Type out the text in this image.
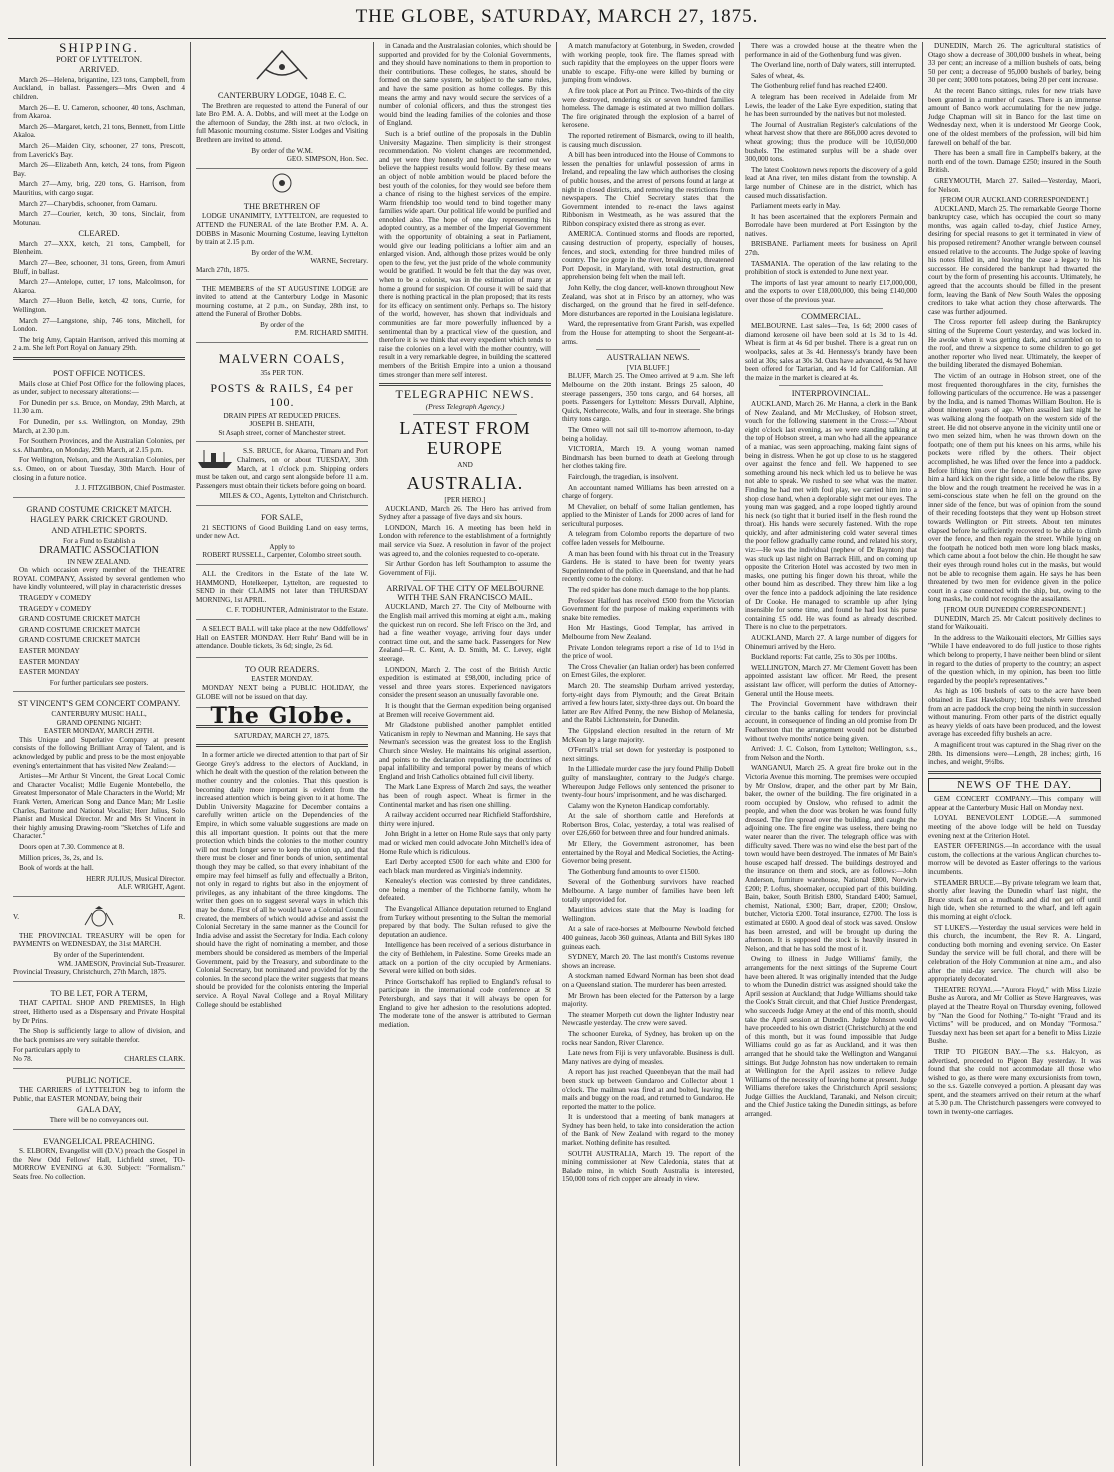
THE GLOBE, SATURDAY, MARCH 27, 1875.
SHIPPING.
PORT OF LYTTELTON.
ARRIVED.

March 26—Helena, brigantine, 123 tons, Campbell, from Auckland, in ballast. Passengers—Mrs Owen and 4 children.

March 26—E. U. Cameron, schooner, 40 tons, Aschman, from Akaroa.

March 26—Margaret, ketch, 21 tons, Bennett, from Little Akaloa.

March 26—Maiden City, schooner, 27 tons, Prescott, from Laverick's Bay.

March 26—Elizabeth Ann, ketch, 24 tons, from Pigeon Bay.

March 27—Amy, brig, 220 tons, G. Harrison, from Mauritius, with cargo sugar.

March 27—Charybdis, schooner, from Oamaru.

March 27—Courier, ketch, 30 tons, Sinclair, from Motunau.

CLEARED.

March 27—XXX, ketch, 21 tons, Campbell, for Blenheim.

March 27—Bee, schooner, 31 tons, Green, from Amuri Bluff, in ballast.

March 27—Antelope, cutter, 17 tons, Malcolmson, for Akaroa.

March 27—Huon Belle, ketch, 42 tons, Currie, for Wellington.

March 27—Langstone, ship, 746 tons, Mitchell, for London.

The brig Amy, Captain Harrison, arrived this morning at 2 a.m. She left Port Royal on January 29th.

POST OFFICE NOTICES.

Mails close at Chief Post Office for the following places, as under, subject to necessary alterations:—

For Dunedin per s.s. Bruce, on Monday, 29th March, at 11.30 a.m.

For Dunedin, per s.s. Wellington, on Monday, 29th March, at 2.30 p.m.

For Southern Provinces, and the Australian Colonies, per s.s. Alhambra, on Monday, 29th March, at 2.15 p.m.

For Wellington, Nelson, and the Australian Colonies, per s.s. Omeo, on or about Tuesday, 30th March. Hour of closing in a future notice.

J. J. FITZGIBBON, Chief Postmaster.
GRAND COSTUME CRICKET MATCH.
HAGLEY PARK CRICKET GROUND.
AND ATHLETIC SPORTS.
For a Fund to Establish a
DRAMATIC ASSOCIATION
IN NEW ZEALAND.

On which occasion every member of the THEATRE ROYAL COMPANY, Assisted by several gentlemen who have kindly volunteered, will play in characteristic dresses

TRAGEDY v COMEDY

TRAGEDY v COMEDY

GRAND COSTUME CRICKET MATCH

GRAND COSTUME CRICKET MATCH

GRAND COSTUME CRICKET MATCH

EASTER MONDAY

EASTER MONDAY

EASTER MONDAY

For further particulars see posters.
ST VINCENT'S GEM CONCERT COMPANY.
CANTERBURY MUSIC HALL,
GRAND OPENING NIGHT:
EASTER MONDAY, MARCH 29TH.

This Unique and Superlative Company at present consists of the following Brilliant Array of Talent, and is acknowledged by public and press to be the most enjoyable evening's entertainment that has visited New Zealand:—

Artistes—Mr Arthur St Vincent, the Great Local Comic and Character Vocalist; Mdlle Eugenie Montebello, the Greatest Impersonator of Male Characters in the World; Mr Frank Verten, American Song and Dance Man; Mr Leslie Charles, Baritone and National Vocalist; Herr Julius, Solo Pianist and Musical Director. Mr and Mrs St Vincent in their highly amusing Drawing-room "Sketches of Life and Character."

Doors open at 7.30. Commence at 8.

Million prices, 3s, 2s, and 1s.

Book of words at the hall.

HERR JULIUS, Musical Director.
ALF. WRIGHT, Agent.
V.	R.

THE PROVINCIAL TREASURY will be open for PAYMENTS on WEDNESDAY, the 31st MARCH.

By order of the Superintendent.
WM. JAMESON, Provincial Sub-Treasurer.
Provincial Treasury, Christchurch, 27th March, 1875.
TO BE LET, FOR A TERM,

THAT CAPITAL SHOP AND PREMISES, In High street, Hitherto used as a Dispensary and Private Hospital by Dr Prins.

The Shop is sufficiently large to allow of division, and the back premises are very suitable therefor.

For particulars apply to
No 78.	CHARLES CLARK.
PUBLIC NOTICE.

THE CARRIERS of LYTTELTON beg to inform the Public, that EASTER MONDAY, being their

GALA DAY,
There will be no conveyances out.
EVANGELICAL PREACHING.

S. ELBORN, Evangelist will (D.V.) preach the Gospel in the New Odd Fellows' Hall, Lichfield street, TO-MORROW EVENING at 6.30. Subject: "Formalism." Seats free. No collection.

CANTERBURY LODGE, 1048 E. C.

The Brethren are requested to attend the Funeral of our late Bro P.M. A. A. Dobbs, and will meet at the Lodge on the afternoon of Sunday, the 28th inst. at two o'clock, in full Masonic mourning costume. Sister Lodges and Visiting Brethren are invited to attend.

By order of the W.M.
GEO. SIMPSON, Hon. Sec.
THE BRETHREN OF

LODGE UNANIMITY, LYTTELTON, are requested to ATTEND the FUNERAL of the late Brother P.M. A. A. DOBBS in Masonic Mourning Costume, leaving Lyttelton by train at 2.15 p.m.

By order of the W.M.
WARNE, Secretary.
March 27th, 1875.

THE MEMBERS of the ST AUGUSTINE LODGE are invited to attend at the Canterbury Lodge in Masonic mourning costume, at 2 p.m., on Sunday, 28th inst, to attend the Funeral of Brother Dobbs.

By order of the
P.M. RICHARD SMITH.
MALVERN COALS,
35s PER TON.
POSTS & RAILS, £4 per 100.
DRAIN PIPES AT REDUCED PRICES.
JOSEPH B. SHEATH,
St Asaph street, corner of Manchester street.

S.S. BRUCE, for Akaroa, Timaru and Port Chalmers, on or about TUESDAY, 30th March, at 1 o'clock p.m. Shipping orders must be taken out, and cargo sent alongside before 11 a.m. Passengers must obtain their tickets before going on board.

MILES & CO., Agents, Lyttelton and Christchurch.
FOR SALE,

21 SECTIONS of Good Building Land on easy terms, under new Act.

Apply to
ROBERT RUSSELL, Carpenter, Colombo street south.

ALL the Creditors in the Estate of the late W. HAMMOND, Hotelkeeper, Lyttelton, are requested to SEND in their CLAIMS not later than THURSDAY MORNING, 1st APRIL.

C. F. TODHUNTER, Administrator to the Estate.

A SELECT BALL will take place at the new Oddfellows' Hall on EASTER MONDAY. Herr Ruhr' Band will be in attendance. Double tickets, 3s 6d; single, 2s 6d.

TO OUR READERS.
EASTER MONDAY.

MONDAY NEXT being a PUBLIC HOLIDAY, the GLOBE will not be issued on that day.

The Globe.
SATURDAY, MARCH 27, 1875.

In a former article we directed attention to that part of Sir George Grey's address to the electors of Auckland, in which he dealt with the question of the relation between the mother country and the colonies. That this question is becoming daily more important is evident from the increased attention which is being given to it at home. The Dublin University Magazine for December contains a carefully written article on the Dependencies of the Empire, in which some valuable suggestions are made on this all important question. It points out that the mere protection which binds the colonies to the mother country will not much longer serve to keep the union up, and that there must be closer and finer bonds of union, sentimental though they may be called, so that every inhabitant of the empire may feel himself as fully and effectually a Briton, not only in regard to rights but also in the enjoyment of privileges, as any inhabitant of the three kingdoms. The writer then goes on to suggest several ways in which this may be done. First of all he would have a Colonial Council created, the members of which would advise and assist the Colonial Secretary in the same manner as the Council for India advise and assist the Secretary for India. Each colony should have the right of nominating a member, and those members should be considered as members of the Imperial Government, paid by the Treasury, and subordinate to the Colonial Secretary, but nominated and provided for by the colonies. In the second place the writer suggests that means should be provided for the colonists entering the Imperial service. A Royal Naval College and a Royal Military College should be established

in Canada and the Australasian colonies, which should be supported and provided for by the Colonial Governments, and they should have nominations to them in proportion to their contributions. These colleges, he states, should be formed on the same system, be subject to the same rules, and have the same position as home colleges. By this means the army and navy would secure the services of a number of colonial officers, and thus the strongest ties would bind the leading families of the colonies and those of England.

Such is a brief outline of the proposals in the Dublin University Magazine. Then simplicity is their strongest recommendation. No violent changes are recommended, and yet were they honestly and heartily carried out we believe the happiest results would follow. By these means an object of noble ambition would be placed before the best youth of the colonies, for they would see before them a chance of rising to the highest services of the empire. Warm friendship too would tend to bind together many families wide apart. Our political life would be purified and ennobled also. The hope of one day representing his adopted country, as a member of the Imperial Government with the opportunity of obtaining a seat in Parliament, would give our leading politicians a loftier aim and an enlarged vision. And, although those prizes would be only open to the few, yet the just pride of the whole community would be gratified. It would be felt that the day was over, when to be a colonist, was in the estimation of many at home a ground for suspicion. Of course it will be said that there is nothing practical in the plan proposed; that its rests for its efficacy on sentiment only. Perhaps so. The history of the world, however, has shown that individuals and communities are far more powerfully influenced by a sentimental than by a practical view of the question, and therefore it is we think that every expedient which tends to raise the colonies on a level with the mother country, will result in a very remarkable degree, in building the scattered members of the British Empire into a union a thousand times stronger than mere self interest.

TELEGRAPHIC NEWS.
(Press Telegraph Agency.)
LATEST FROM EUROPE
AND
AUSTRALIA.
[PER HERO.]

AUCKLAND, March 26. The Hero has arrived from Sydney after a passage of five days and six hours.

LONDON, March 16. A meeting has been held in London with reference to the establishment of a fortnightly mail service via Suez. A resolution in favor of the project was agreed to, and the colonies requested to co-operate.

Sir Arthur Gordon has left Southampton to assume the Government of Fiji.

ARRIVAL OF THE CITY OF MELBOURNE WITH THE SAN FRANCISCO MAIL.

AUCKLAND, March 27. The City of Melbourne with the English mail arrived this morning at eight a.m., making the quickest run on record. She left Frisco on the 3rd, and had a fine weather voyage, arriving four days under contract time out, and the same back. Passengers for New Zealand—R. C. Kent, A. D. Smith, M. C. Levey, eight steerage.

LONDON, March 2. The cost of the British Arctic expedition is estimated at £98,000, including price of vessel and three years stores. Experienced navigators consider the present season an unusually favorable one.

It is thought that the German expedition being organised at Bremen will receive Government aid.

Mr Gladstone published another pamphlet entitled Vaticanism in reply to Newman and Manning. He says that Newman's secession was the greatest loss to the English Church since Wesley. He maintains his original assertion, and points to the declaration repudiating the doctrines of papal infallibility and temporal power by means of which England and Irish Catholics obtained full civil liberty.

The Mark Lane Express of March 2nd says, the weather has been of rough aspect. Wheat is firmer in the Continental market and has risen one shilling.

A railway accident occurred near Richfield Staffordshire, thirty were injured.

John Bright in a letter on Home Rule says that only party mad or wicked men could advocate John Mitchell's idea of Home Rule which is ridiculous.

Earl Derby accepted £500 for each white and £300 for each black man murdered as Virginia's indemnity.

Kenealey's election was contested by three candidates, one being a member of the Tichborne family, whom he defeated.

The Evangelical Alliance deputation returned to England from Turkey without presenting to the Sultan the memorial prepared by that body. The Sultan refused to give the deputation an audience.

Intelligence has been received of a serious disturbance in the city of Bethlehem, in Palestine. Some Greeks made an attack on a portion of the city occupied by Armenians. Several were killed on both sides.

Prince Gortschakoff has replied to England's refusal to participate in the international code conference at St Petersburgh, and says that it will always be open for England to give her adhesion to the resolutions adopted. The moderate tone of the answer is attributed to German mediation.

A match manufactory at Gotenburg, in Sweden, crowded with working people, took fire. The flames spread with such rapidity that the employees on the upper floors were unable to escape. Fifty-one were killed by burning or jumping from windows.

A fire took place at Port au Prince. Two-thirds of the city were destroyed, rendering six or seven hundred families homeless. The damage is estimated at two million dollars. The fire originated through the explosion of a barrel of kerosene.

The reported retirement of Bismarck, owing to ill health, is causing much discussion.

A bill has been introduced into the House of Commons to lessen the penalties for unlawful possession of arms in Ireland, and repealing the law which authorises the closing of public houses, and the arrest of persons found at large at night in closed districts, and removing the restrictions from newspapers. The Chief Secretary states that the Government intended to re-enact the laws against Ribbonism in Westmeath, as he was assured that the Ribbon conspiracy existed there as strong as ever.

AMERICA. Continued storms and floods are reported, causing destruction of property, especially of houses, fences, and stock, extending for three hundred miles of country. The ice gorge in the river, breaking up, threatened Port Deposit, in Maryland, with total destruction, great apprehension being felt when the mail left.

John Kelly, the clog dancer, well-known throughout New Zealand, was shot at in Frisco by an attorney, who was discharged, on the ground that he fired in self-defence. More disturbances are reported in the Louisiana legislature.

Ward, the representative from Grant Parish, was expelled from the House for attempting to shoot the Sergeant-at-arms.

AUSTRALIAN NEWS.
[VIA BLUFF.]

BLUFF, March 25. The Omeo arrived at 9 a.m. She left Melbourne on the 20th instant. Brings 25 saloon, 40 steerage passengers, 350 tons cargo, and 64 horses, all poets. Passengers for Lyttelton: Messrs Durvall, Alphine, Quick, Netherecote, Walls, and four in steerage. She brings thirty tons cargo.

The Omeo will not sail till to-morrow afternoon, to-day being a holiday.

VICTORIA, March 19. A young woman named Bindmarsh has been burned to death at Geelong through her clothes taking fire.

Fairclough, the tragedian, is insolvent.

An accountant named Williams has been arrested on a charge of forgery.

M Chevalier, on behalf of some Italian gentlemen, has applied to the Minister of Lands for 2000 acres of land for sericultural purposes.

A telegram from Colombo reports the departure of two coffee laden vessels for Melbourne.

A man has been found with his throat cut in the Treasury Gardens. He is stated to have been for twenty years Superintendent of the police in Queensland, and that he had recently come to the colony.

The red spider has done much damage to the hop plants.

Professor Halford has received £500 from the Victorian Government for the purpose of making experiments with snake bite remedies.

Hon Mr Hastings, Good Templar, has arrived in Melbourne from New Zealand.

Private London telegrams report a rise of 1d to 1½d in the price of wool.

The Cross Chevalier (an Italian order) has been conferred on Ernest Giles, the explorer.

March 20. The steamship Durham arrived yesterday, forty-eight days from Plymouth; and the Great Britain arrived a few hours later, sixty-three days out. On board the latter are Rev Alfred Penny, the new Bishop of Melanesia, and the Rabbi Lichtenstein, for Dunedin.

The Gippsland election resulted in the return of Mr McKean by a large majority.

O'Ferrall's trial set down for yesterday is postponed to next sittings.

In the Lilliedale murder case the jury found Philip Dobell guilty of manslaughter, contrary to the Judge's charge. Whereupon Judge Fellows only sentenced the prisoner to twenty-four hours' imprisonment, and he was discharged.

Calamy won the Kyneton Handicap comfortably.

At the sale of shorthorn cattle and Herefords at Robertson Bros, Colac, yesterday, a total was realised of over £26,660 for between three and four hundred animals.

Mr Ellery, the Government astronomer, has been entertained by the Royal and Medical Societies, the Acting-Governor being present.

The Gothenburg fund amounts to over £1500.

Several of the Gothenburg survivors have reached Melbourne. A large number of families have been left totally unprovided for.

Mauritius advices state that the May is loading for Wellington.

At a sale of race-horses at Melbourne Newbold fetched 400 guineas, Jacob 360 guineas, Atlanta and Bill Sykes 180 guineas each.

SYDNEY, March 20. The last month's Customs revenue shows an increase.

A stockman named Edward Norman has been shot dead on a Queensland station. The murderer has been arrested.

Mr Brown has been elected for the Patterson by a large majority.

The steamer Morpeth cut down the lighter Industry near Newcastle yesterday. The crew were saved.

The schooner Eureka, of Sydney, has broken up on the rocks near Sandon, River Clarence.

Late news from Fiji is very unfavorable. Business is dull. Many natives are dying of measles.

A report has just reached Queenbeyan that the mail had been stuck up between Gundaroo and Collector about 1 o'clock. The mailman was fired at and bolted, leaving the mails and buggy on the road, and returned to Gundaroo. He reported the matter to the police.

It is understood that a meeting of bank managers at Sydney has been held, to take into consideration the action of the Bank of New Zealand with regard to the money market. Nothing definite has resulted.

SOUTH AUSTRALIA, March 19. The report of the mining commissioner at New Caledonia, states that at Balade mine, in which South Australia is interested, 150,000 tons of rich copper are already in view.

There was a crowded house at the theatre when the performance in aid of the Gothenburg fund was given.

The Overland line, north of Daly waters, still interrupted.

Sales of wheat, 4s.

The Gothenburg relief fund has reached £2400.

A telegram has been received in Adelaide from Mr Lewis, the leader of the Lake Eyre expedition, stating that he has been surrounded by the natives but not molested.

The Journal of Australian Register's calculations of the wheat harvest show that there are 866,000 acres devoted to wheat growing; thus the produce will be 10,050,000 bushels. The estimated surplus will be a shade over 300,000 tons.

The latest Cooktown news reports the discovery of a gold lead at Ana river, ten miles distant from the township. A large number of Chinese are in the district, which has caused much dissatisfaction.

Parliament meets early in May.

It has been ascertained that the explorers Permain and Borrodale have been murdered at Port Essington by the natives.

BRISBANE. Parliament meets for business on April 27th.

TASMANIA. The operation of the law relating to the prohibition of stock is extended to June next year.

The imports of last year amount to nearly £17,000,000, and the exports to over £18,000,000, this being £140,000 over those of the previous year.

COMMERCIAL.

MELBOURNE. Last sales—Tea, 1s 6d; 2000 cases of diamond kerosene oil have been sold at 1s 3d to 1s 4d. Wheat is firm at 4s 6d per bushel. There is a great run on woolpacks, sales at 3s 4d. Hennessy's brandy have been sold at 30s; sales at 30s 3d. Oats have advanced, 4s 9d have been offered for Tartarian, and 4s 1d for Californian. All the maize in the market is cleared at 4s.

INTERPROVINCIAL.

AUCKLAND, March 26. Mr Hanna, a clerk in the Bank of New Zealand, and Mr McCluskey, of Hobson street, vouch for the following statement in the Cross:—"About eight o'clock last evening, as we were standing talking at the top of Hobson street, a man who had all the appearance of a maniac, was seen approaching, making faint signs of being in distress. When he got up close to us he staggered over against the fence and fell. We happened to see something around his neck which led us to believe he was not able to speak. We rushed to see what was the matter. Finding he had met with foul play, we carried him into a shop close hand, when a deplorable sight met our eyes. The young man was gagged, and a rope looped tightly around his neck (so tight that it buried itself in the flesh round the throat). His hands were securely fastened. With the rope quickly, and after administering cold water several times the poor fellow gradually came round, and related his story, viz:—He was the individual (nephew of Dr Baynton) that was stuck up last night on Barrack Hill, and on coming up opposite the Criterion Hotel was accosted by two men in masks, one putting his finger down his throat, while the other bound him as described. They threw him like a log over the fence into a paddock adjoining the late residence of Dr Cooke. He managed to scramble up after lying insensible for some time, and found he had lost his purse containing £5 odd. He was found as already described. There is no clue to the perpetrators.

AUCKLAND, March 27. A large number of diggers for Ohinemuri arrived by the Hero.

Buckland reports: Fat cattle, 25s to 30s per 100lbs.

WELLINGTON, March 27. Mr Clement Govett has been appointed assistant law officer. Mr Reed, the present assistant law officer, will perform the duties of Attorney-General until the House meets.

The Provincial Government have withdrawn their circular to the banks calling for tenders for provincial account, in consequence of finding an old promise from Dr Featherston that the arrangement would not be disturbed without twelve months' notice being given.

Arrived: J. C. Colson, from Lyttelton; Wellington, s.s., from Nelson and the North.

WANGANUI, March 25. A great fire broke out in the Victoria Avenue this morning. The premises were occupied by Mr Onslow, draper, and the other part by Mr Bain, baker, the owner of the building. The fire originated in a room occupied by Onslow, who refused to admit the people, and when the door was broken he was found fully dressed. The fire spread over the building, and caught the adjoining one. The fire engine was useless, there being no water nearer than the river. The telegraph office was with difficulty saved. There was no wind else the best part of the town would have been destroyed. The inmates of Mr Bain's house escaped half dressed. The buildings destroyed and the insurance on them and stock, are as follows:—John Anderson, furniture warehouse, National £800, Norwich £200; P. Loftus, shoemaker, occupied part of this building. Bain, baker, South British £800, Standard £400; Samuel, chemist, National, £300; Barr, draper, £200; Onslow, butcher, Victoria £200. Total insurance, £2700. The loss is estimated at £600. A good deal of stock was saved. Onslow has been arrested, and will be brought up during the afternoon. It is supposed the stock is heavily insured in Nelson, and that he has sold the most of it.

Owing to illness in Judge Williams' family, the arrangements for the next sittings of the Supreme Court have been altered. It was originally intended that the Judge to whom the Dunedin district was assigned should take the April session at Auckland; that Judge Williams should take the Cook's Strait circuit, and that Chief Justice Prendergast, who succeeds Judge Arney at the end of this month, should take the April session at Dunedin. Judge Johnson would have proceeded to his own district (Christchurch) at the end of this month, but it was found impossible that Judge Williams could go as far as Auckland, and it was then arranged that he should take the Wellington and Wanganui sittings. But Judge Johnston has now undertaken to remain at Wellington for the April assizes to relieve Judge Williams of the necessity of leaving home at present. Judge Williams therefore takes the Christchurch April sessions; Judge Gillies the Auckland, Taranaki, and Nelson circuit; and the Chief Justice taking the Dunedin sittings, as before arranged.

DUNEDIN, March 26. The agricultural statistics of Otago show a decrease of 300,000 bushels in wheat, being 33 per cent; an increase of a million bushels of oats, being 50 per cent; a decrease of 95,000 bushels of barley, being 30 per cent; 3000 tons potatoes, being 20 per cent increase.

At the recent Banco sittings, rules for new trials have been granted in a number of cases. There is an immense amount of Banco work accumulating for the new judge. Judge Chapman will sit in Banco for the last time on Wednesday next, when it is understood Mr George Cook, one of the oldest members of the profession, will bid him farewell on behalf of the bar.

There has been a small fire in Campbell's bakery, at the north end of the town. Damage £250; insured in the South British.

GREYMOUTH, March 27. Sailed—Yesterday, Maori, for Nelson.

[FROM OUR AUCKLAND CORRESPONDENT.]

AUCKLAND, March 25. The remarkable George Thorne bankruptcy case, which has occupied the court so many months, was again called to-day, chief Justice Arney, desiring for special reasons to get it terminated in view of his proposed retirement? Another wrangle between counsel ensued relative to the accounts. The Judge spoke of leaving his notes filled in, and leaving the case a legacy to his successor. He considered the bankrupt had thwarted the court by the form of presenting his accounts. Ultimately, he agreed that the accounts should be filled in the present form, leaving the Bank of New South Wales the opposing creditors to take what action they chose afterwards. The case was further adjourned.

The Cross reporter fell asleep during the Bankruptcy sitting of the Supreme Court yesterday, and was locked in. He awoke when it was getting dark, and scrambled on to the roof, and threw a sixpence to some children to go get another reporter who lived near. Ultimately, the keeper of the building liberated the dismayed Bohemian.

The victim of an outrage in Hobson street, one of the most frequented thoroughfares in the city, furnishes the following particulars of the occurrence. He was a passenger by the India, and is named Thomas William Boulton. He is about nineteen years of age. When assailed last night he was walking along the footpath on the western side of the street. He did not observe anyone in the vicinity until one or two men seized him, when he was thrown down on the footpath; one of them put his knees on his arms, while his pockets were rifled by the others. Their object accomplished, he was lifted over the fence into a paddock. Before lifting him over the fence one of the ruffians gave him a hard kick on the right side, a little below the ribs. By the blow and the rough treatment he received he was in a semi-conscious state when he fell on the ground on the inner side of the fence, but was of opinion from the sound of their receding footsteps that they went up Hobson street towards Wellington or Pitt streets. About ten minutes elapsed before he sufficiently recovered to be able to climb over the fence, and then regain the street. While lying on the footpath he noticed both men wore long black masks, which came about a foot below the chin. He thought he saw their eyes through round holes cut in the masks, but would not be able to recognise them again. He says he has been threatened by two men for evidence given in the police court in a case connected with the ship, but, owing to the long masks, he could not recognise the assailants.

[FROM OUR DUNEDIN CORRESPONDENT.]

DUNEDIN, March 25. Mr Calcutt positively declines to stand for Waikouaiti.

In the address to the Waikouaiti electors, Mr Gillies says "While I have endeavored to do full justice to those rights which belong to property, I have neither been blind or silent in regard to the duties of property to the country; an aspect of the question which, in my opinion, has been too little regarded by the people's representatives."

As high as 106 bushels of oats to the acre have been obtained in East Hawksbury; 102 bushels were threshed from an acre paddock the crop being the ninth in succession without manuring. From other parts of the district equally as heavy yields of oats have been produced, and the lowest average has exceeded fifty bushels an acre.

A magnificent trout was captured in the Shag river on the 28th. Its dimensions were—Length, 28 inches; girth, 16 inches, and weight, 9½lbs.

NEWS OF THE DAY.

GEM CONCERT COMPANY.—This company will appear at the Canterbury Music Hall on Monday next.

LOYAL BENEVOLENT LODGE.—A summoned meeting of the above lodge will be held on Tuesday evening next at the Criterion Hotel.

EASTER OFFERINGS.—In accordance with the usual custom, the collections at the various Anglican churches to-morrow will be devoted as Easter offerings to the various incumbents.

STEAMER BRUCE.—By private telegram we learn that, shortly after leaving the Dunedin wharf last night, the Bruce stuck fast on a mudbank and did not get off until high tide, when she returned to the wharf, and left again this morning at eight o'clock.

ST LUKE'S.—Yesterday the usual services were held in this church, the incumbent, the Rev R. A. Lingard, conducting both morning and evening service. On Easter Sunday the service will be full choral, and there will be celebration of the Holy Communion at nine a.m., and also after the mid-day service. The church will also be appropriately decorated.

THEATRE ROYAL.—"Aurora Floyd," with Miss Lizzie Bushe as Aurora, and Mr Collier as Steve Hargreaves, was played at the Theatre Royal on Thursday evening, followed by "Nan the Good for Nothing." To-night "Fraud and its Victims" will be produced, and on Monday "Formosa." Tuesday next has been set apart for a benefit to Miss Lizzie Bushe.

TRIP TO PIGEON BAY.—The s.s. Halcyon, as advertised, proceeded to Pigeon Bay yesterday. It was found that she could not accommodate all those who wished to go, as there were many excursionists from town, so the s.s. Gazelle conveyed a portion. A pleasant day was spent, and the steamers arrived on their return at the wharf at 5.30 p.m. The Christchurch passengers were conveyed to town in twenty-one carriages.
